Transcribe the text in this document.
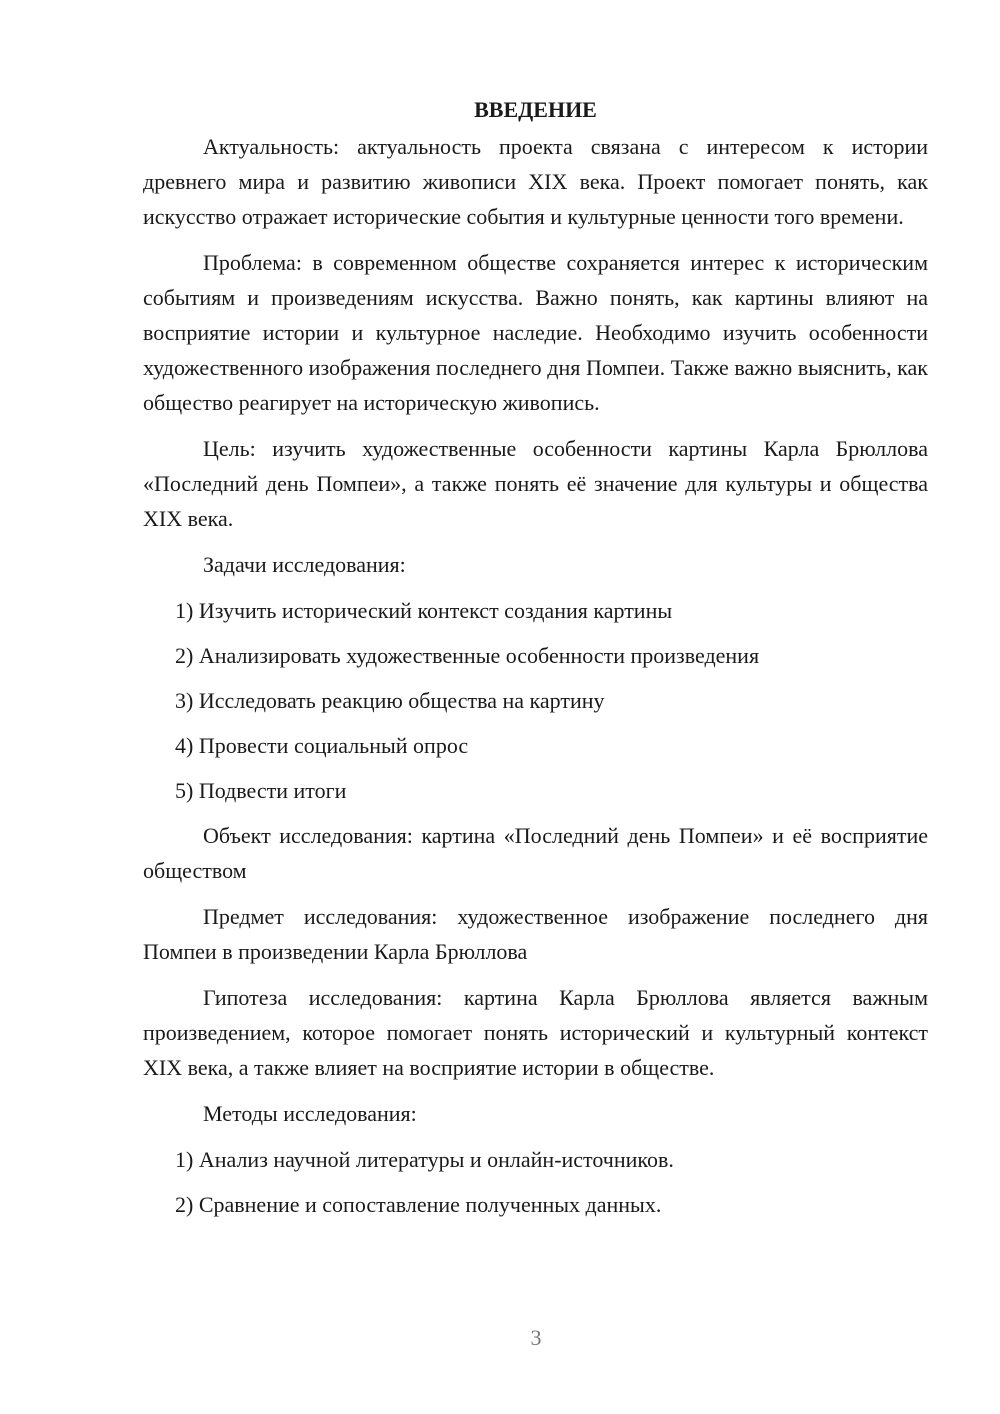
ВВЕДЕНИЕ

Актуальность: актуальность проекта связана с интересом к истории древнего мира и развитию живописи XIX века. Проект помогает понять, как искусство отражает исторические события и культурные ценности того времени.

Проблема: в современном обществе сохраняется интерес к историческим событиям и произведениям искусства. Важно понять, как картины влияют на восприятие истории и культурное наследие. Необходимо изучить особенности художественного изображения последнего дня Помпеи. Также важно выяснить, как общество реагирует на историческую живопись.

Цель: изучить художественные особенности картины Карла Брюллова «Последний день Помпеи», а также понять её значение для культуры и общества XIX века.

Задачи исследования:

1) Изучить исторический контекст создания картины
2) Анализировать художественные особенности произведения
3) Исследовать реакцию общества на картину
4) Провести социальный опрос
5) Подвести итоги

Объект исследования: картина «Последний день Помпеи» и её восприятие обществом

Предмет исследования: художественное изображение последнего дня Помпеи в произведении Карла Брюллова

Гипотеза исследования: картина Карла Брюллова является важным произведением, которое помогает понять исторический и культурный контекст XIX века, а также влияет на восприятие истории в обществе.

Методы исследования:

1) Анализ научной литературы и онлайн-источников.
2) Сравнение и сопоставление полученных данных.
3
